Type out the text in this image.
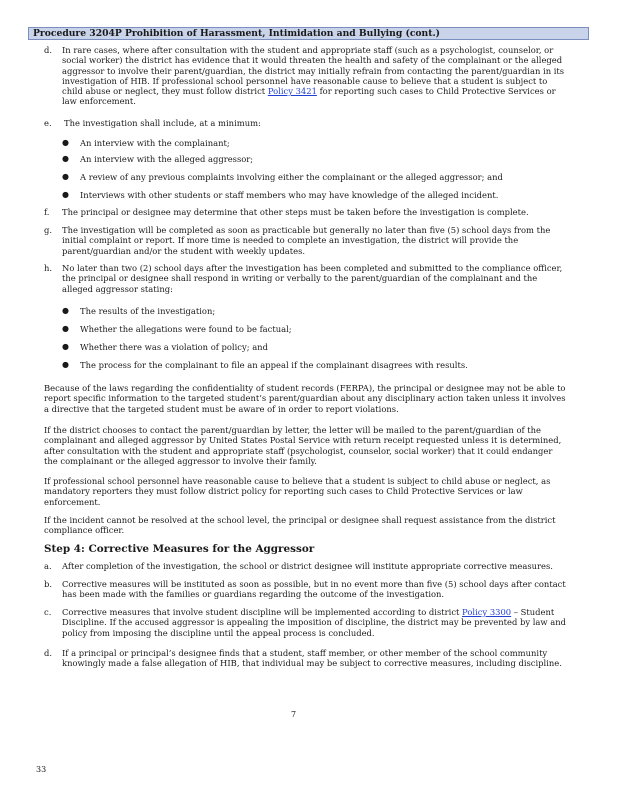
Procedure 3204P Prohibition of Harassment, Intimidation and Bullying (cont.)
d. In rare cases, where after consultation with the student and appropriate staff (such as a psychologist, counselor, or social worker) the district has evidence that it would threaten the health and safety of the complainant or the alleged aggressor to involve their parent/guardian, the district may initially refrain from contacting the parent/guardian in its investigation of HIB. If professional school personnel have reasonable cause to believe that a student is subject to child abuse or neglect, they must follow district Policy 3421 for reporting such cases to Child Protective Services or law enforcement.
e. The investigation shall include, at a minimum:
● An interview with the complainant;
● An interview with the alleged aggressor;
● A review of any previous complaints involving either the complainant or the alleged aggressor; and
● Interviews with other students or staff members who may have knowledge of the alleged incident.
f. The principal or designee may determine that other steps must be taken before the investigation is complete.
g. The investigation will be completed as soon as practicable but generally no later than five (5) school days from the initial complaint or report. If more time is needed to complete an investigation, the district will provide the parent/guardian and/or the student with weekly updates.
h. No later than two (2) school days after the investigation has been completed and submitted to the compliance officer, the principal or designee shall respond in writing or verbally to the parent/guardian of the complainant and the alleged aggressor stating:
● The results of the investigation;
● Whether the allegations were found to be factual;
● Whether there was a violation of policy; and
● The process for the complainant to file an appeal if the complainant disagrees with results.
Because of the laws regarding the confidentiality of student records (FERPA), the principal or designee may not be able to report specific information to the targeted student’s parent/guardian about any disciplinary action taken unless it involves a directive that the targeted student must be aware of in order to report violations.
If the district chooses to contact the parent/guardian by letter, the letter will be mailed to the parent/guardian of the complainant and alleged aggressor by United States Postal Service with return receipt requested unless it is determined, after consultation with the student and appropriate staff (psychologist, counselor, social worker) that it could endanger the complainant or the alleged aggressor to involve their family.
If professional school personnel have reasonable cause to believe that a student is subject to child abuse or neglect, as mandatory reporters they must follow district policy for reporting such cases to Child Protective Services or law enforcement.
If the incident cannot be resolved at the school level, the principal or designee shall request assistance from the district compliance officer.
Step 4: Corrective Measures for the Aggressor
a. After completion of the investigation, the school or district designee will institute appropriate corrective measures.
b. Corrective measures will be instituted as soon as possible, but in no event more than five (5) school days after contact has been made with the families or guardians regarding the outcome of the investigation.
c. Corrective measures that involve student discipline will be implemented according to district Policy 3300 – Student Discipline. If the accused aggressor is appealing the imposition of discipline, the district may be prevented by law and policy from imposing the discipline until the appeal process is concluded.
d. If a principal or principal’s designee finds that a student, staff member, or other member of the school community knowingly made a false allegation of HIB, that individual may be subject to corrective measures, including discipline.
7
33
